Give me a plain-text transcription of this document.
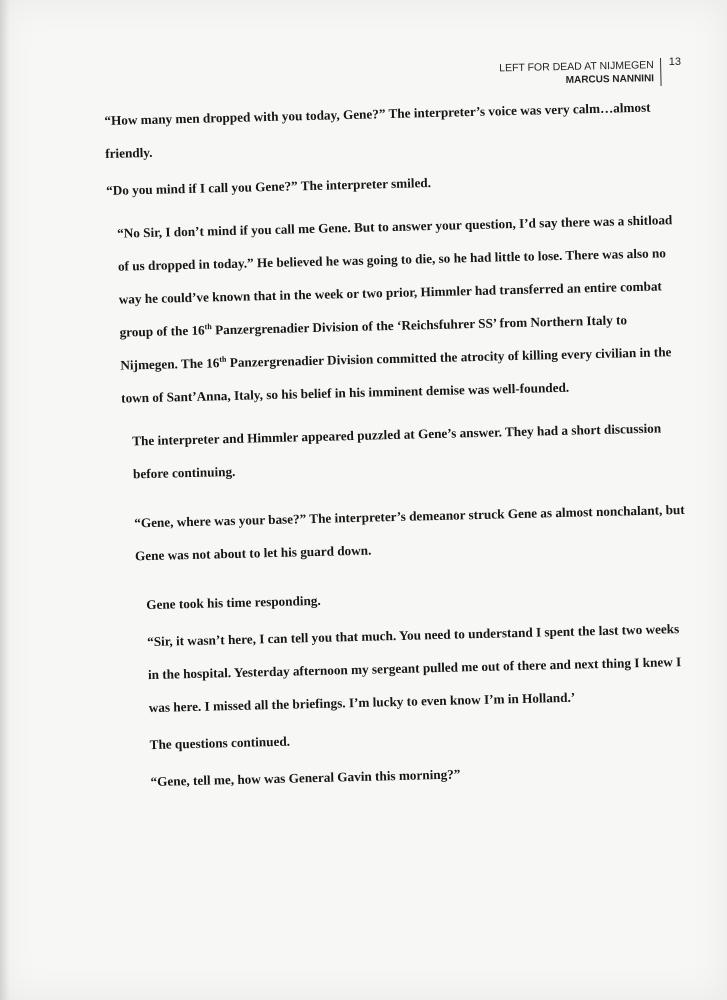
LEFT FOR DEAD AT NIJMEGEN
MARCUS NANNINI
13

“How many men dropped with you today, Gene?” The interpreter’s voice was very calm…almost friendly.

“Do you mind if I call you Gene?” The interpreter smiled.

“No Sir, I don’t mind if you call me Gene. But to answer your question, I’d say there was a shitload of us dropped in today.” He believed he was going to die, so he had little to lose. There was also no way he could’ve known that in the week or two prior, Himmler had transferred an entire combat group of the 16th Panzergrenadier Division of the ‘Reichsfuhrer SS’ from Northern Italy to Nijmegen. The 16th Panzergrenadier Division committed the atrocity of killing every civilian in the town of Sant’Anna, Italy, so his belief in his imminent demise was well-founded.

The interpreter and Himmler appeared puzzled at Gene’s answer. They had a short discussion before continuing.

“Gene, where was your base?” The interpreter’s demeanor struck Gene as almost nonchalant, but Gene was not about to let his guard down.

Gene took his time responding.

“Sir, it wasn’t here, I can tell you that much. You need to understand I spent the last two weeks in the hospital. Yesterday afternoon my sergeant pulled me out of there and next thing I knew I was here. I missed all the briefings. I’m lucky to even know I’m in Holland.’

The questions continued.

“Gene, tell me, how was General Gavin this morning?”
